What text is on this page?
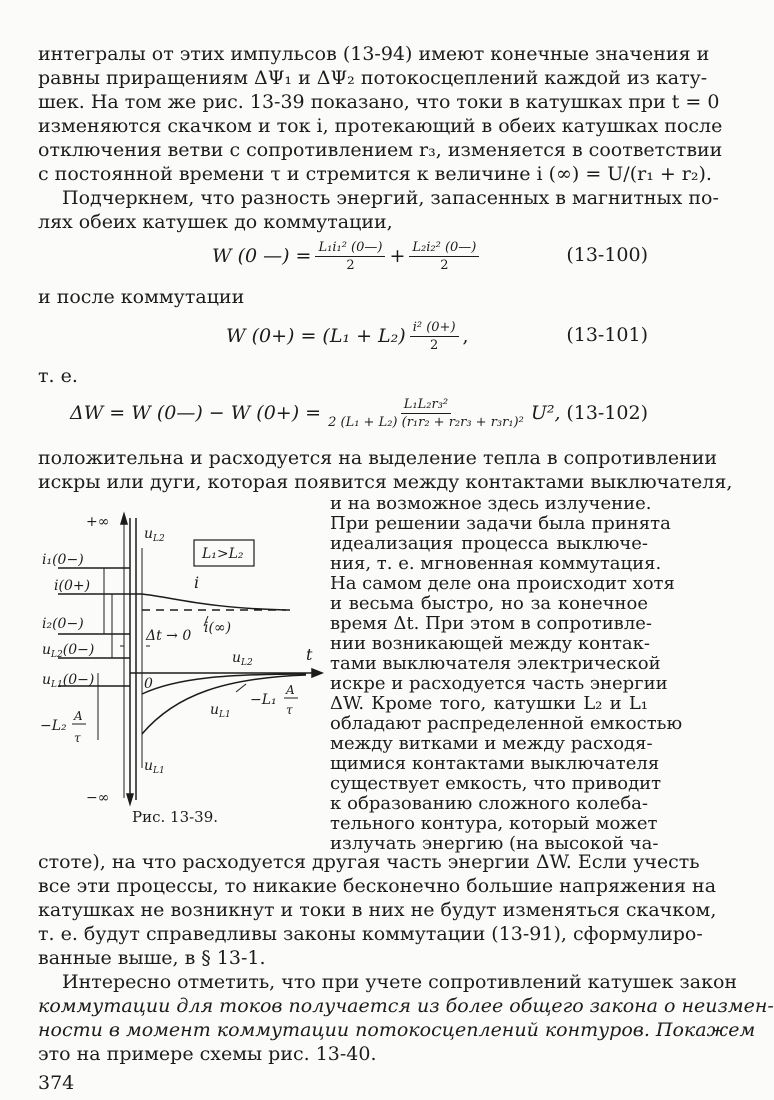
интегралы от этих импульсов (13-94) имеют конечные значения и
равны приращениям ΔΨ₁ и ΔΨ₂ потокосцеплений каждой из кату-
шек. На том же рис. 13-39 показано, что токи в катушках при t = 0
изменяются скачком и ток i, протекающий в обеих катушках после
отключения ветви с сопротивлением r₃, изменяется в соответствии
с постоянной времени τ и стремится к величине i (∞) = U/(r₁ + r₂).
Подчеркнем, что разность энергий, запасенных в магнитных по-
лях обеих катушек до коммутации,
W (0 —) = $\frac{\text{L₁i₁² (0—)}}{2} + \frac{\text{L₂i₂² (0—)}}{2}$	(13-100)
и после коммутации
W $(0+) = (L_1 + L_2) \frac{\text{i² (0+)}}{2}$ ,	(13-101)
т. е.
ΔW = W (0—) − W $(0+) = \frac{\text{L₁L₂r₃²}}{\text{2 (L₁ + L₂) (r₁r₂ + r₂r₃ + r₃r₁)²}} U^2$, (13-102)
положительна и расходуется на выделение тепла в сопротивлении
искры или дуги, которая появится между контактами выключателя,
и на возможное здесь излучение.
При решении задачи была принята
идеализация процесса выключе-
ния, т. е. мгновенная коммутация.
На самом деле она происходит хотя
и весьма быстро, но за конечное
время Δt. При этом в сопротивле-
нии возникающей между контак-
тами выключателя электрической
искре и расходуется часть энергии
ΔW. Кроме того, катушки L₂ и L₁
обладают распределенной емкостью
между витками и между расходя-
щимися контактами выключателя
существует емкость, что приводит
к образованию сложного колеба-
тельного контура, который может
излучать энергию (на высокой ча-
стоте), на что расходуется другая часть энергии ΔW. Если учесть
все эти процессы, то никакие бесконечно большие напряжения на
катушках не возникнут и токи в них не будут изменяться скачком,
т. е. будут справедливы законы коммутации (13-91), сформулиро-
ванные выше, в § 13-1.
+∞
−∞
$u_{L2}$
$u_{L1}$
L₁>L₂
i₁(0−)
i(0+)
i₂(0−)
$u_{L2}(0-)$
$u_{L1}(0-)$
i
i(∞)
Δt → 0
t
0
$u_{L2}$
$u_{L1}$
−L₂
A
τ
−L₁
A
τ
Рис. 13-39.
Интересно отметить, что при учете сопротивлений катушек закон
коммутации для токов получается из более общего закона о неизмен-
ности в момент коммутации потокосцеплений контуров. Покажем
это на примере схемы рис. 13-40.
374
